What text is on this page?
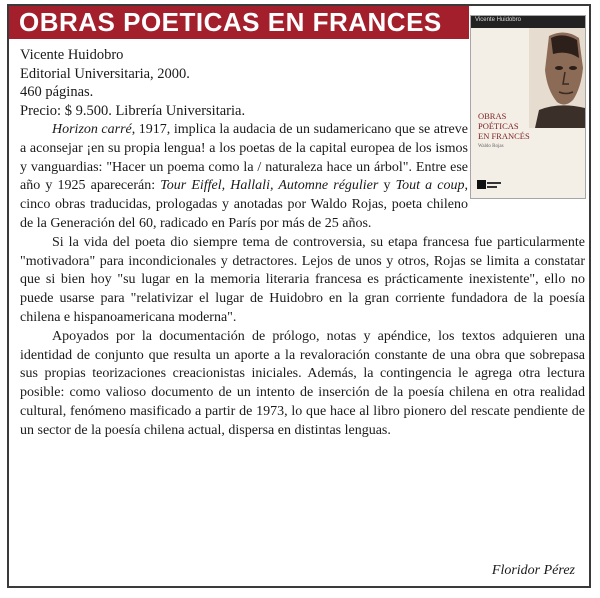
OBRAS POETICAS EN FRANCES	Vicente Huidobro
OBRAS
POÉTICAS
EN FRANCÉS
Waldo Rojas
Vicente Huidobro
Editorial Universitaria, 2000.
460 páginas.
Precio: $ 9.500. Librería Universitaria.

Horizon carré, 1917, implica la audacia de un sudamericano que se atreve a aconsejar ¡en su propia lengua! a los poetas de la capital europea de los ismos y vanguardias: "Hacer un poema como la / naturaleza hace un árbol". Entre ese año y 1925 aparecerán: Tour Eiffel, Hallali, Automne régulier y Tout a coup, cinco obras traducidas, prologadas y anotadas por Waldo Rojas, poeta chileno de la Generación del 60, radicado en París por más de 25 años.

Si la vida del poeta dio siempre tema de controversia, su etapa francesa fue particularmente "motivadora" para incondicionales y detractores. Lejos de unos y otros, Rojas se limita a constatar que si bien hoy "su lugar en la memoria literaria francesa es prácticamente inexistente", ello no puede usarse para "relativizar el lugar de Huidobro en la gran corriente fundadora de la poesía chilena e hispanoamericana moderna".

Apoyados por la documentación de prólogo, notas y apéndice, los textos adquieren una identidad de conjunto que resulta un aporte a la revaloración constante de una obra que sobrepasa sus propias teorizaciones creacionistas iniciales. Además, la contingencia le agrega otra lectura posible: como valioso documento de un intento de inserción de la poesía chilena en otra realidad cultural, fenómeno masificado a partir de 1973, lo que hace al libro pionero del rescate pendiente de un sector de la poesía chilena actual, dispersa en distintas lenguas.

Floridor Pérez
